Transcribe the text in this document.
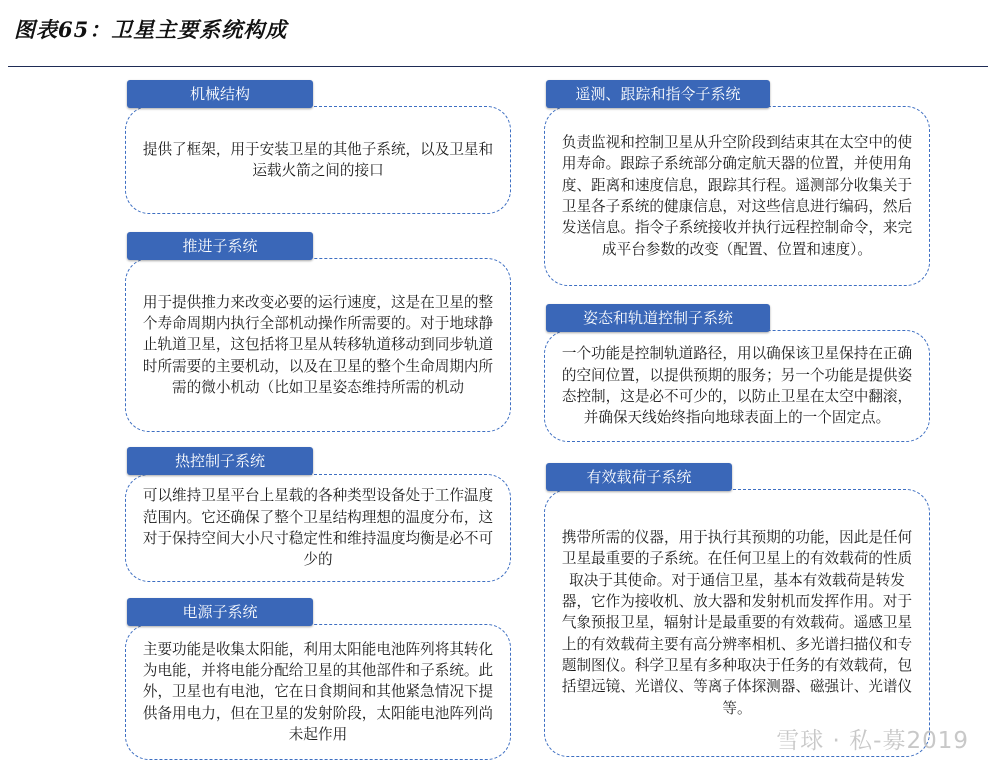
图表65：卫星主要系统构成
机械结构
提供了框架，用于安装卫星的其他子系统，以及卫星和运载火箭之间的接口
推进子系统
用于提供推力来改变必要的运行速度，这是在卫星的整个寿命周期内执行全部机动操作所需要的。对于地球静止轨道卫星，这包括将卫星从转移轨道移动到同步轨道时所需要的主要机动，以及在卫星的整个生命周期内所需的微小机动（比如卫星姿态维持所需的机动
热控制子系统
可以维持卫星平台上星载的各种类型设备处于工作温度范围内。它还确保了整个卫星结构理想的温度分布，这对于保持空间大小尺寸稳定性和维持温度均衡是必不可少的
电源子系统
主要功能是收集太阳能，利用太阳能电池阵列将其转化为电能，并将电能分配给卫星的其他部件和子系统。此外，卫星也有电池，它在日食期间和其他紧急情况下提供备用电力，但在卫星的发射阶段，太阳能电池阵列尚未起作用
遥测、跟踪和指令子系统
负责监视和控制卫星从升空阶段到结束其在太空中的使用寿命。跟踪子系统部分确定航天器的位置，并使用角度、距离和速度信息，跟踪其行程。遥测部分收集关于卫星各子系统的健康信息，对这些信息进行编码，然后发送信息。指令子系统接收并执行远程控制命令，来完成平台参数的改变（配置、位置和速度）。
姿态和轨道控制子系统
一个功能是控制轨道路径，用以确保该卫星保持在正确的空间位置，以提供预期的服务；另一个功能是提供姿态控制，这是必不可少的，以防止卫星在太空中翻滚，并确保天线始终指向地球表面上的一个固定点。
有效载荷子系统
携带所需的仪器，用于执行其预期的功能，因此是任何卫星最重要的子系统。在任何卫星上的有效载荷的性质取决于其使命。对于通信卫星，基本有效载荷是转发器，它作为接收机、放大器和发射机而发挥作用。对于气象预报卫星，辐射计是最重要的有效载荷。遥感卫星上的有效载荷主要有高分辨率相机、多光谱扫描仪和专题制图仪。科学卫星有多种取决于任务的有效载荷，包括望远镜、光谱仪、等离子体探测器、磁强计、光谱仪等。
雪球 · 私-募2019
